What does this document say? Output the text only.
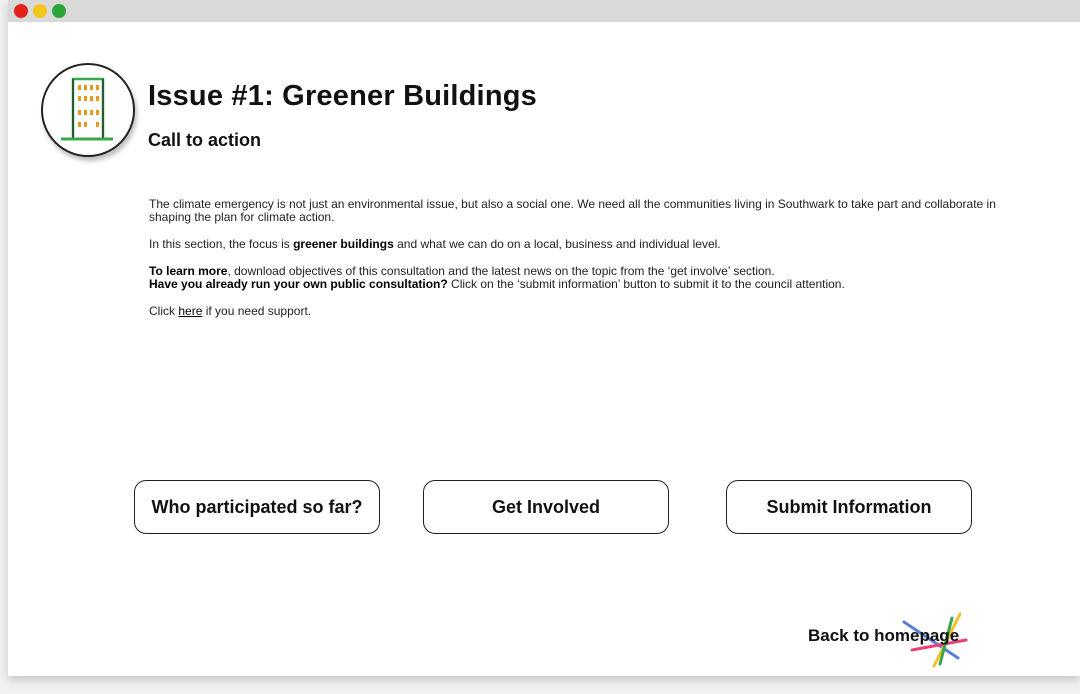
Issue #1: Greener Buildings
Call to action

The climate emergency is not just an environmental issue, but also a social one. We need all the communities living in Southwark to take part and collaborate in shaping the plan for climate action.

In this section, the focus is greener buildings and what we can do on a local, business and individual level.

To learn more, download objectives of this consultation and the latest news on the topic from the ‘get involve’ section.

Have you already run your own public consultation? Click on the ‘submit information’ button to submit it to the council attention.

Click here if you need support.

Who participated so far?	Get Involved	Submit Information
Back to homepage
